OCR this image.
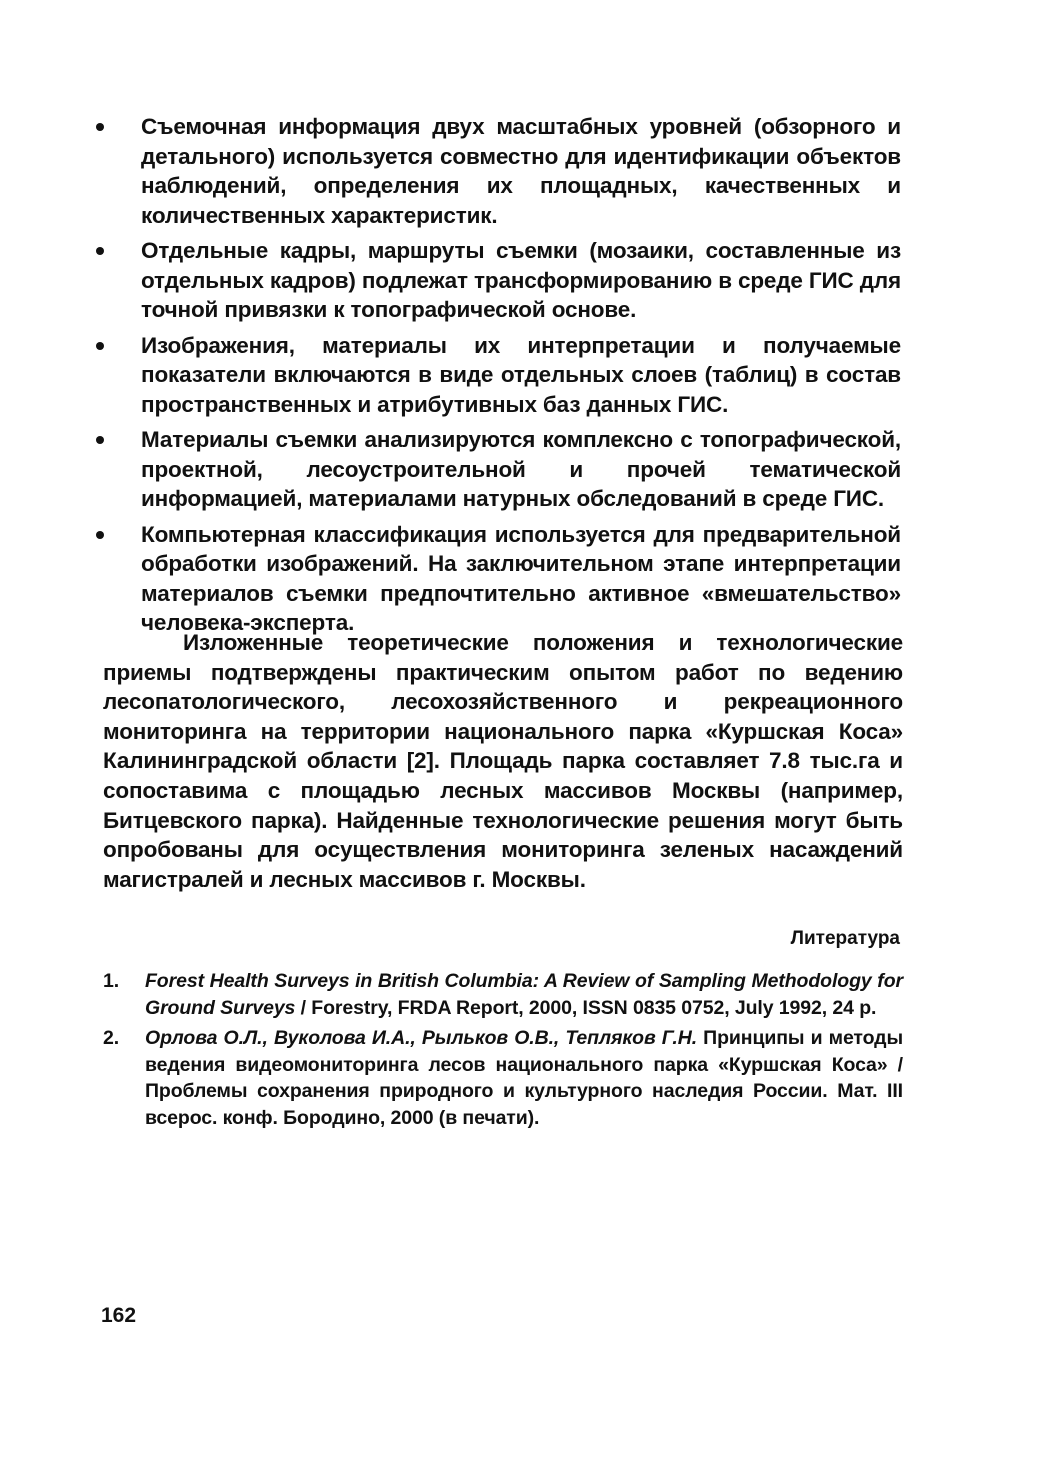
Съемочная информация двух масштабных уровней (обзорного и детального) используется совместно для идентификации объектов наблюдений, определения их площадных, качественных и количественных характеристик.
Отдельные кадры, маршруты съемки (мозаики, составленные из отдельных кадров) подлежат трансформированию в среде ГИС для точной привязки к топографической основе.
Изображения, материалы их интерпретации и получаемые показатели включаются в виде отдельных слоев (таблиц) в состав пространственных и атрибутивных баз данных ГИС.
Материалы съемки анализируются комплексно с топографической, проектной, лесоустроительной и прочей тематической информацией, материалами натурных обследований в среде ГИС.
Компьютерная классификация используется для предварительной обработки изображений. На заключительном этапе интерпретации материалов съемки предпочтительно активное «вмешательство» человека-эксперта.

Изложенные теоретические положения и технологические приемы подтверждены практическим опытом работ по ведению лесопатологического, лесохозяйственного и рекреационного мониторинга на территории национального парка «Куршская Коса» Калининградской области [2]. Площадь парка составляет 7.8 тыс.га и сопоставима с площадью лесных массивов Москвы (например, Битцевского парка). Найденные технологические решения могут быть опробованы для осуществления мониторинга зеленых насаждений магистралей и лесных массивов г. Москвы.

Литература
1. Forest Health Surveys in British Columbia: A Review of Sampling Methodology for Ground Surveys / Forestry, FRDA Report, 2000, ISSN 0835 0752, July 1992, 24 p.
2. Орлова О.Л., Вуколова И.А., Рыльков О.В., Тепляков Г.Н. Принципы и методы ведения видеомониторинга лесов национального парка «Куршская Коса» / Проблемы сохранения природного и культурного наследия России. Мат. III всерос. конф. Бородино, 2000 (в печати).
162
